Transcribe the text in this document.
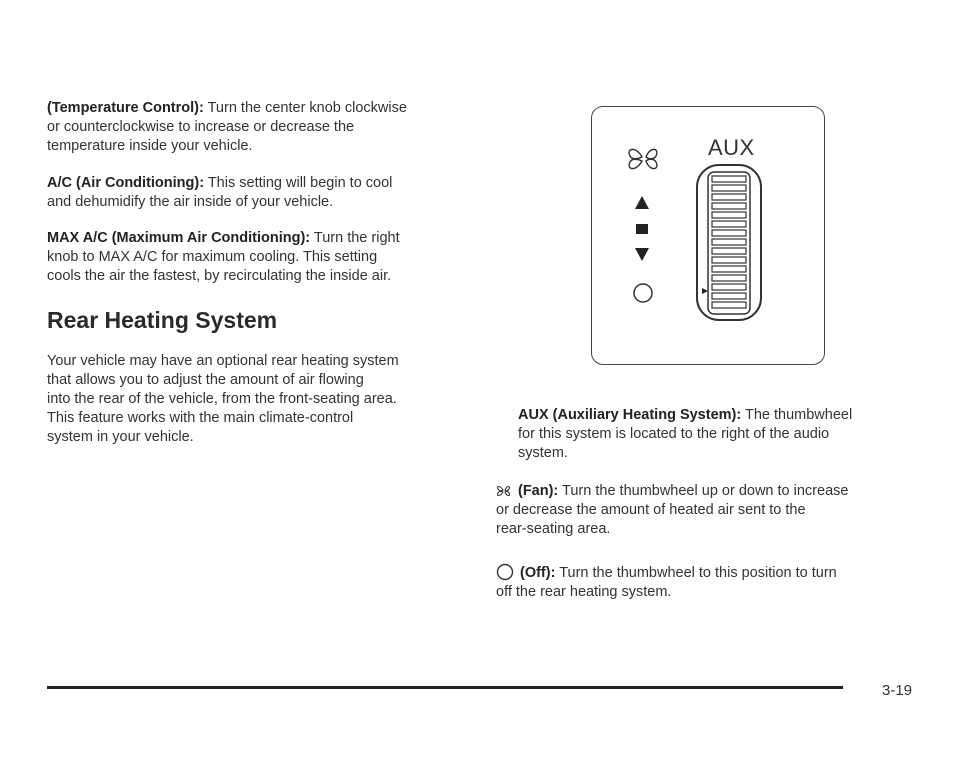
(Temperature Control): Turn the center knob clockwise
or counterclockwise to increase or decrease the
temperature inside your vehicle.

A/C (Air Conditioning): This setting will begin to cool
and dehumidify the air inside of your vehicle.

MAX A/C (Maximum Air Conditioning): Turn the right
knob to MAX A/C for maximum cooling. This setting
cools the air the fastest, by recirculating the inside air.

Rear Heating System

Your vehicle may have an optional rear heating system
that allows you to adjust the amount of air flowing
into the rear of the vehicle, from the front-seating area.
This feature works with the main climate-control
system in your vehicle.

AUX

AUX (Auxiliary Heating System): The thumbwheel
for this system is located to the right of the audio
system.

(Fan): Turn the thumbwheel up or down to increase
or decrease the amount of heated air sent to the
rear-seating area.

(Off): Turn the thumbwheel to this position to turn
off the rear heating system.

3-19
